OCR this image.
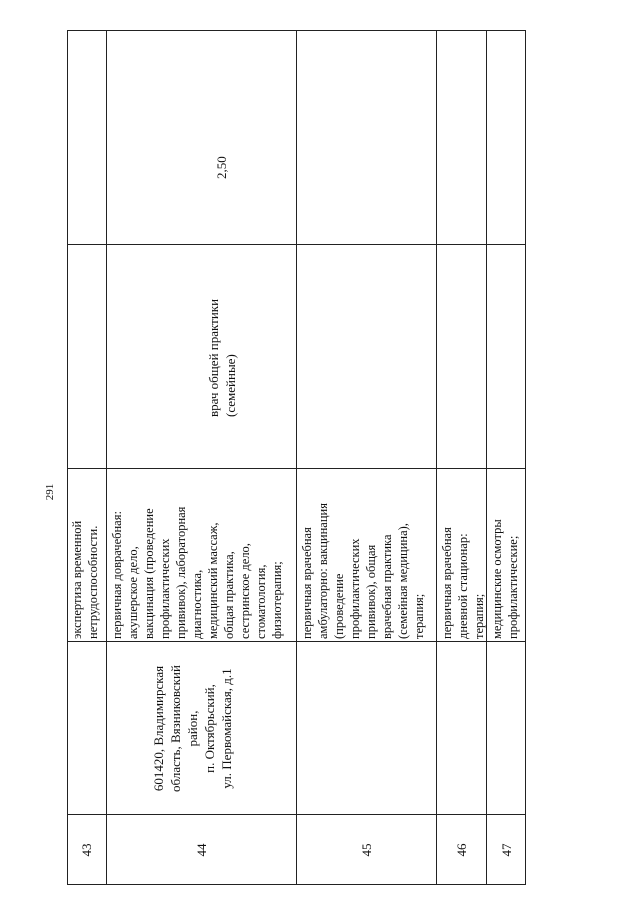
291
43
экспертиза временной нетрудоспособности.
44
601420, Владимирская область, Вязниковский район, п. Октябрьский, ул. Первомайская, д.1
первичная доврачебная: акушерское дело, вакцинация (проведение профилактических прививок), лабораторная диагностика, медицинский массаж, общая практика, сестринское дело, стоматология, физиотерапия;
врач общей практики (семейные)
2,50
45
первичная врачебная амбулаторно: вакцинация (проведение профилактических прививок), общая врачебная практика (семейная медицина), терапия;
46
первичная врачебная дневной стационар: терапия;
47
медицинские осмотры профилактические;
